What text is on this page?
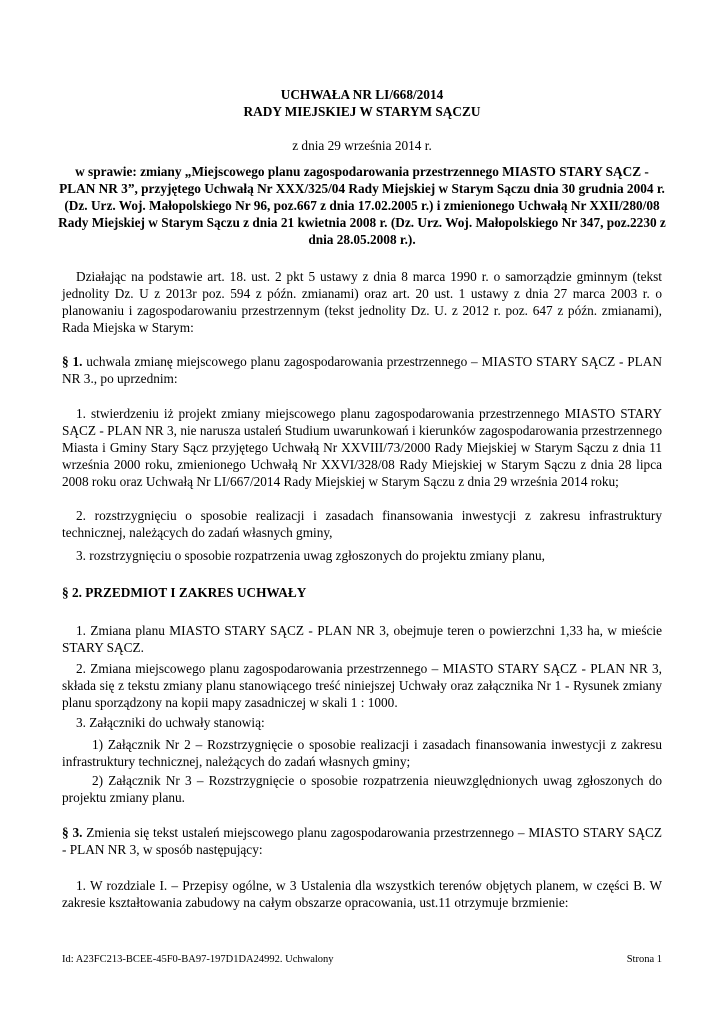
UCHWAŁA NR LI/668/2014
RADY MIEJSKIEJ W STARYM SĄCZU
z dnia 29 września 2014 r.
w sprawie: zmiany „Miejscowego planu zagospodarowania przestrzennego MIASTO STARY SĄCZ - PLAN NR 3”, przyjętego Uchwałą Nr XXX/325/04 Rady Miejskiej w Starym Sączu dnia 30 grudnia 2004 r. (Dz. Urz. Woj. Małopolskiego Nr 96, poz.667 z dnia 17.02.2005 r.) i zmienionego Uchwałą Nr XXII/280/08 Rady Miejskiej w Starym Sączu z dnia 21 kwietnia 2008 r. (Dz. Urz. Woj. Małopolskiego Nr 347, poz.2230 z dnia 28.05.2008 r.).
Działając na podstawie art. 18. ust. 2 pkt 5 ustawy z dnia 8 marca 1990 r. o samorządzie gminnym (tekst jednolity Dz. U z 2013r poz. 594 z późn. zmianami) oraz art. 20 ust. 1 ustawy z dnia 27 marca 2003 r. o planowaniu i zagospodarowaniu przestrzennym (tekst jednolity Dz. U. z 2012 r. poz. 647 z późn. zmianami), Rada Miejska w Starym:
§ 1. uchwala zmianę miejscowego planu zagospodarowania przestrzennego – MIASTO STARY SĄCZ - PLAN NR 3., po uprzednim:
1. stwierdzeniu iż projekt zmiany miejscowego planu zagospodarowania przestrzennego MIASTO STARY SĄCZ - PLAN NR 3, nie narusza ustaleń Studium uwarunkowań i kierunków zagospodarowania przestrzennego Miasta i Gminy Stary Sącz przyjętego Uchwałą Nr XXVIII/73/2000 Rady Miejskiej w Starym Sączu z dnia 11 września 2000 roku, zmienionego Uchwałą Nr XXVI/328/08 Rady Miejskiej w Starym Sączu z dnia 28 lipca 2008 roku oraz Uchwałą Nr LI/667/2014 Rady Miejskiej w Starym Sączu z dnia 29 września 2014 roku;
2. rozstrzygnięciu o sposobie realizacji i zasadach finansowania inwestycji z zakresu infrastruktury technicznej, należących do zadań własnych gminy,
3. rozstrzygnięciu o sposobie rozpatrzenia uwag zgłoszonych do projektu zmiany planu,
§ 2. PRZEDMIOT I ZAKRES UCHWAŁY
1. Zmiana planu MIASTO STARY SĄCZ - PLAN NR 3, obejmuje teren o powierzchni 1,33 ha, w mieście STARY SĄCZ.
2. Zmiana miejscowego planu zagospodarowania przestrzennego – MIASTO STARY SĄCZ - PLAN NR 3, składa się z tekstu zmiany planu stanowiącego treść niniejszej Uchwały oraz załącznika Nr 1 - Rysunek zmiany planu sporządzony na kopii mapy zasadniczej w skali 1 : 1000.
3. Załączniki do uchwały stanowią:
1) Załącznik Nr 2 – Rozstrzygnięcie o sposobie realizacji i zasadach finansowania inwestycji z zakresu infrastruktury technicznej, należących do zadań własnych gminy;
2) Załącznik Nr 3 – Rozstrzygnięcie o sposobie rozpatrzenia nieuwzględnionych uwag zgłoszonych do projektu zmiany planu.
§ 3. Zmienia się tekst ustaleń miejscowego planu zagospodarowania przestrzennego – MIASTO STARY SĄCZ - PLAN NR 3, w sposób następujący:
1. W rozdziale I. – Przepisy ogólne, w 3 Ustalenia dla wszystkich terenów objętych planem, w części B. W zakresie kształtowania zabudowy na całym obszarze opracowania, ust.11 otrzymuje brzmienie:
Id: A23FC213-BCEE-45F0-BA97-197D1DA24992. Uchwalony	Strona 1
